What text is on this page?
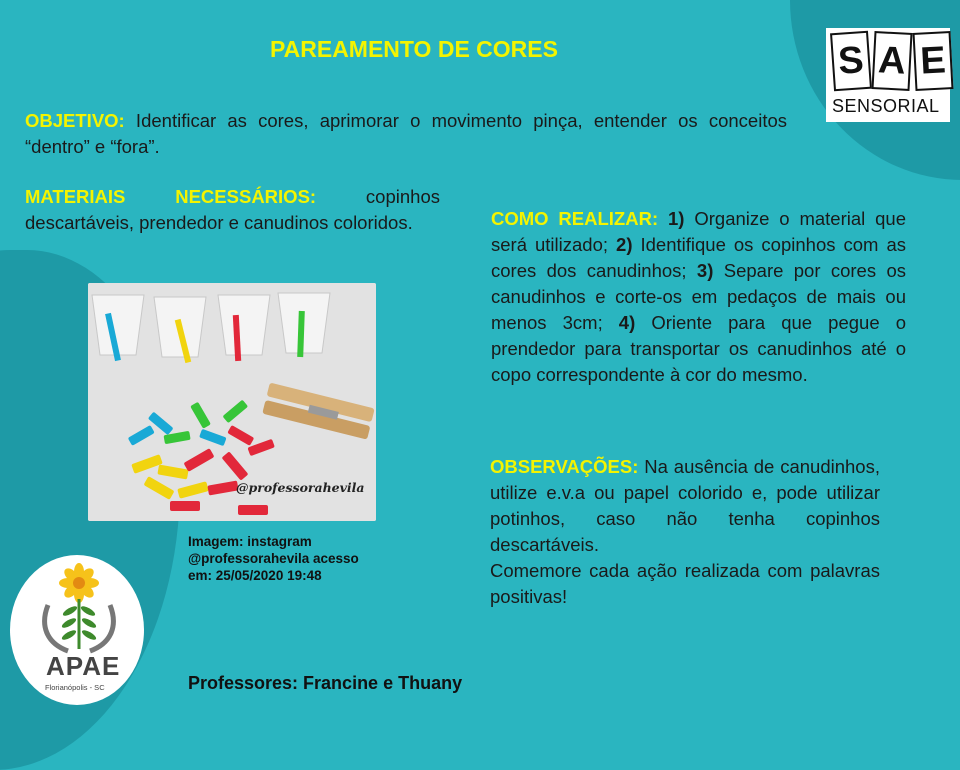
PAREAMENTO DE CORES
OBJETIVO: Identificar as cores, aprimorar o movimento pinça, entender os conceitos “dentro” e “fora”.
MATERIAIS NECESSÁRIOS: copinhos descartáveis, prendedor e canudinos coloridos.	COMO REALIZAR: 1) Organize o material que será utilizado; 2) Identifique os copinhos com as cores dos canudinhos; 3) Separe por cores os canudinhos e corte-os em pedaços de mais ou menos 3cm; 4) Oriente para que pegue o prendedor para transportar os canudinhos até o copo correspondente à cor do mesmo.
OBSERVAÇÕES: Na ausência de canudinhos, utilize e.v.a ou papel colorido e, pode utilizar potinhos, caso não tenha copinhos descartáveis.
Comemore cada ação realizada com palavras positivas!
@professorahevila
Imagem: instagram
@professorahevila acesso
em: 25/05/2020 19:48
Professores: Francine e Thuany
S A E
SENSORIAL
APAE
Florianópolis - SC
